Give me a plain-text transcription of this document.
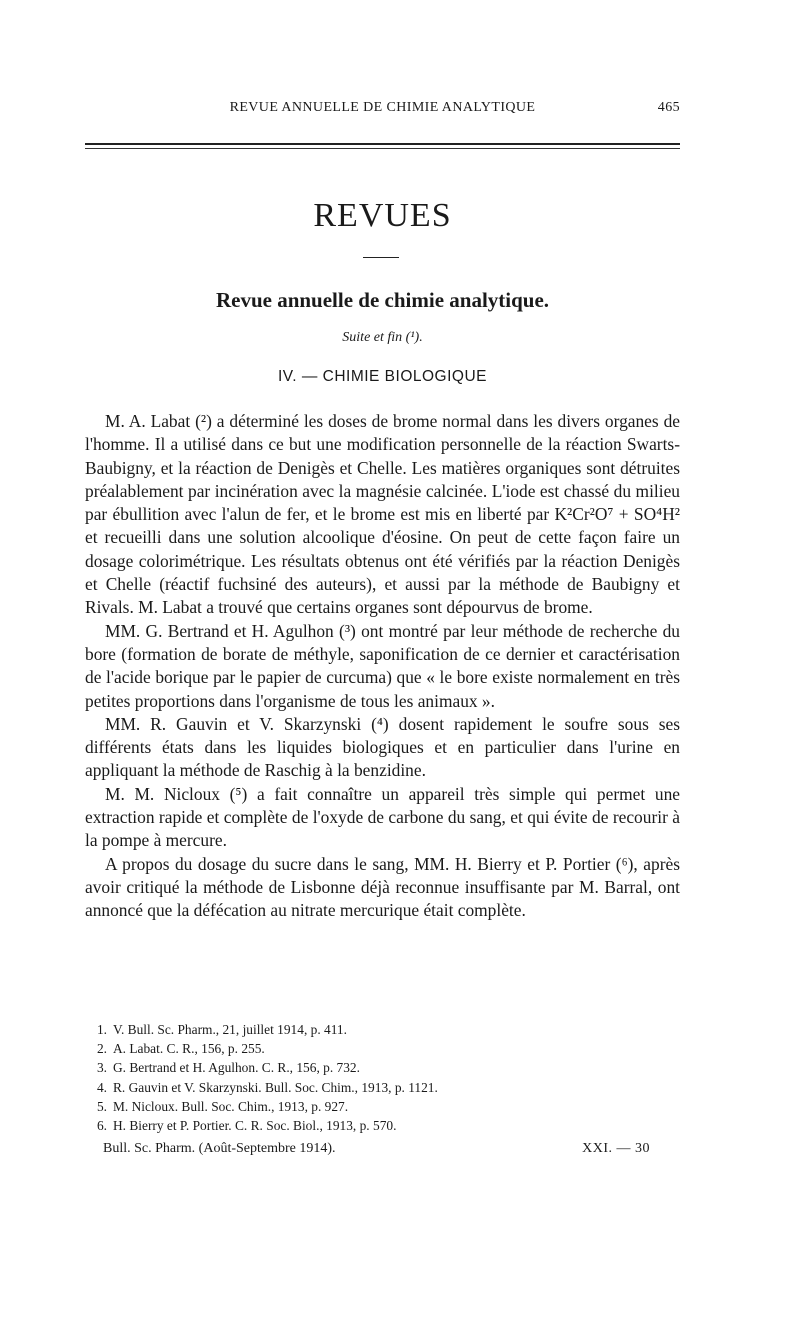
REVUE ANNUELLE DE CHIMIE ANALYTIQUE	465
REVUES
Revue annuelle de chimie analytique.
Suite et fin (¹).
IV. — CHIMIE BIOLOGIQUE

M. A. Labat (²) a déterminé les doses de brome normal dans les divers organes de l'homme. Il a utilisé dans ce but une modification personnelle de la réaction Swarts-Baubigny, et la réaction de Denigès et Chelle. Les matières organiques sont détruites préalablement par incinération avec la magnésie calcinée. L'iode est chassé du milieu par ébullition avec l'alun de fer, et le brome est mis en liberté par K²Cr²O⁷ + SO⁴H² et recueilli dans une solution alcoolique d'éosine. On peut de cette façon faire un dosage colorimétrique. Les résultats obtenus ont été vérifiés par la réaction Denigès et Chelle (réactif fuchsiné des auteurs), et aussi par la méthode de Baubigny et Rivals. M. Labat a trouvé que certains organes sont dépourvus de brome.

MM. G. Bertrand et H. Agulhon (³) ont montré par leur méthode de recherche du bore (formation de borate de méthyle, saponification de ce dernier et caractérisation de l'acide borique par le papier de curcuma) que « le bore existe normalement en très petites proportions dans l'organisme de tous les animaux ».

MM. R. Gauvin et V. Skarzynski (⁴) dosent rapidement le soufre sous ses différents états dans les liquides biologiques et en particulier dans l'urine en appliquant la méthode de Raschig à la benzidine.

M. M. Nicloux (⁵) a fait connaître un appareil très simple qui permet une extraction rapide et complète de l'oxyde de carbone du sang, et qui évite de recourir à la pompe à mercure.

A propos du dosage du sucre dans le sang, MM. H. Bierry et P. Portier (⁶), après avoir critiqué la méthode de Lisbonne déjà reconnue insuffisante par M. Barral, ont annoncé que la défécation au nitrate mercurique était complète.

1. V. Bull. Sc. Pharm., 21, juillet 1914, p. 411.
2. A. Labat. C. R., 156, p. 255.
3. G. Bertrand et H. Agulhon. C. R., 156, p. 732.
4. R. Gauvin et V. Skarzynski. Bull. Soc. Chim., 1913, p. 1121.
5. M. Nicloux. Bull. Soc. Chim., 1913, p. 927.
6. H. Bierry et P. Portier. C. R. Soc. Biol., 1913, p. 570.
Bull. Sc. Pharm. (Août-Septembre 1914).	XXI. — 30
